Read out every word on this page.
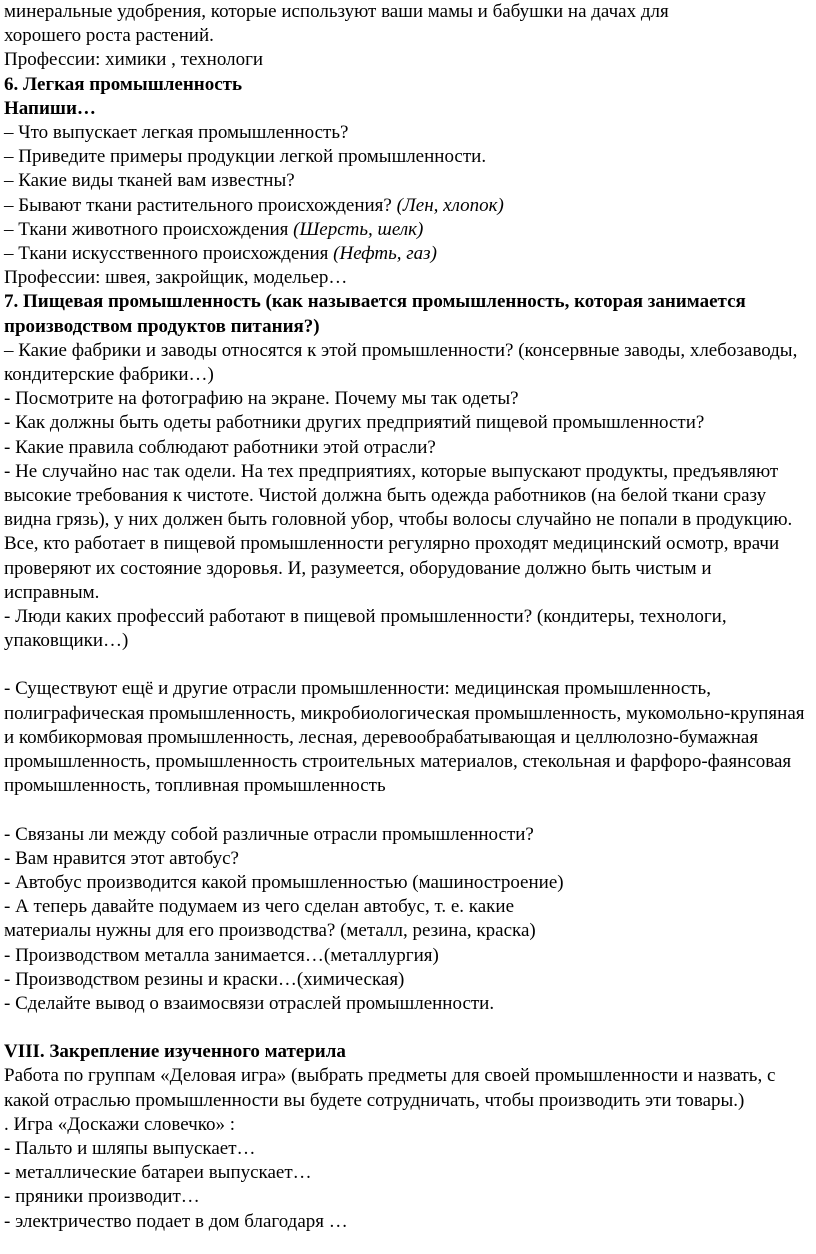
минеральные удобрения, которые используют ваши мамы и бабушки на дачах для
хорошего роста растений.
Профессии: химики , технологи
6. Легкая промышленность
Напиши…
– Что выпускает легкая промышленность?
– Приведите примеры продукции легкой промышленности.
– Какие виды тканей вам известны?
– Бывают ткани растительного происхождения? (Лен, хлопок)
– Ткани животного происхождения (Шерсть, шелк)
– Ткани искусственного происхождения (Нефть, газ)
Профессии: швея, закройщик, модельер…
7. Пищевая промышленность (как называется промышленность, которая занимается производством продуктов питания?)
– Какие фабрики и заводы относятся к этой промышленности? (консервные заводы, хлебозаводы, кондитерские фабрики…)
- Посмотрите на фотографию на экране. Почему мы так одеты?
- Как должны быть одеты работники других предприятий пищевой промышленности?
- Какие правила соблюдают работники этой отрасли?
- Не случайно нас так одели. На тех предприятиях, которые выпускают продукты, предъявляют высокие требования к чистоте. Чистой должна быть одежда работников (на белой ткани сразу видна грязь), у них должен быть головной убор, чтобы волосы случайно не попали в продукцию. Все, кто работает в пищевой промышленности регулярно проходят медицинский осмотр, врачи проверяют их состояние здоровья. И, разумеется, оборудование должно быть чистым и исправным.
- Люди каких профессий работают в пищевой промышленности? (кондитеры, технологи, упаковщики…)
- Существуют ещё и другие отрасли промышленности: медицинская промышленность, полиграфическая промышленность, микробиологическая промышленность, мукомольно-крупяная и комбикормовая промышленность, лесная, деревообрабатывающая и целлюлозно-бумажная промышленность, промышленность строительных материалов, стекольная и фарфоро-фаянсовая промышленность, топливная промышленность
- Связаны ли между собой различные отрасли промышленности?
- Вам нравится этот автобус?
- Автобус производится какой промышленностью (машиностроение)
- А теперь давайте подумаем из чего сделан автобус, т. е. какие
материалы нужны для его производства? (металл, резина, краска)
- Производством металла занимается…(металлургия)
- Производством резины и краски…(химическая)
- Сделайте вывод о взаимосвязи отраслей промышленности.
VIII. Закрепление изученного материла
Работа по группам «Деловая игра» (выбрать предметы для своей промышленности и назвать, с какой отраслью промышленности вы будете сотрудничать, чтобы производить эти товары.)
. Игра «Доскажи словечко» :
- Пальто и шляпы выпускает…
- металлические батареи выпускает…
- пряники производит…
- электричество подает в дом благодаря …
